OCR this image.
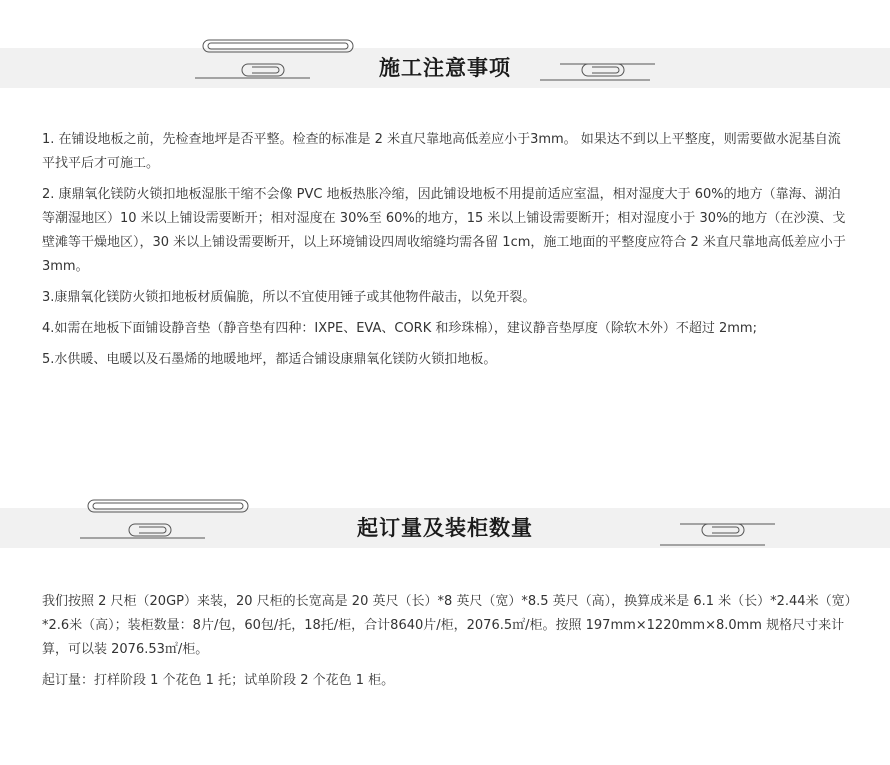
施工注意事项

1. 在铺设地板之前，先检查地坪是否平整。检查的标准是 2 米直尺靠地高低差应小于3mm。 如果达不到以上平整度，则需要做水泥基自流平找平后才可施工。

2. 康鼎氧化镁防火锁扣地板湿胀干缩不会像 PVC 地板热胀冷缩，因此铺设地板不用提前适应室温，相对湿度大于 60%的地方（靠海、湖泊等潮湿地区）10 米以上铺设需要断开；相对湿度在 30%至 60%的地方，15 米以上铺设需要断开；相对湿度小于 30%的地方（在沙漠、戈壁滩等干燥地区），30 米以上铺设需要断开，以上环境铺设四周收缩缝均需各留 1cm，施工地面的平整度应符合 2 米直尺靠地高低差应小于 3mm。

3.康鼎氧化镁防火锁扣地板材质偏脆，所以不宜使用锤子或其他物件敲击，以免开裂。

4.如需在地板下面铺设静音垫（静音垫有四种：IXPE、EVA、CORK 和珍珠棉），建议静音垫厚度（除软木外）不超过 2mm;

5.水供暖、电暖以及石墨烯的地暖地坪，都适合铺设康鼎氧化镁防火锁扣地板。

起订量及装柜数量

我们按照 2 尺柜（20GP）来装，20 尺柜的长宽高是 20 英尺（长）*8 英尺（宽）*8.5 英尺（高），换算成米是 6.1 米（长）*2.44米（宽）*2.6米（高）；装柜数量：8片/包，60包/托，18托/柜，合计8640片/柜，2076.5㎡/柜。按照 197mm×1220mm×8.0mm 规格尺寸来计算，可以装 2076.53㎡/柜。

起订量：打样阶段 1 个花色 1 托；试单阶段 2 个花色 1 柜。
